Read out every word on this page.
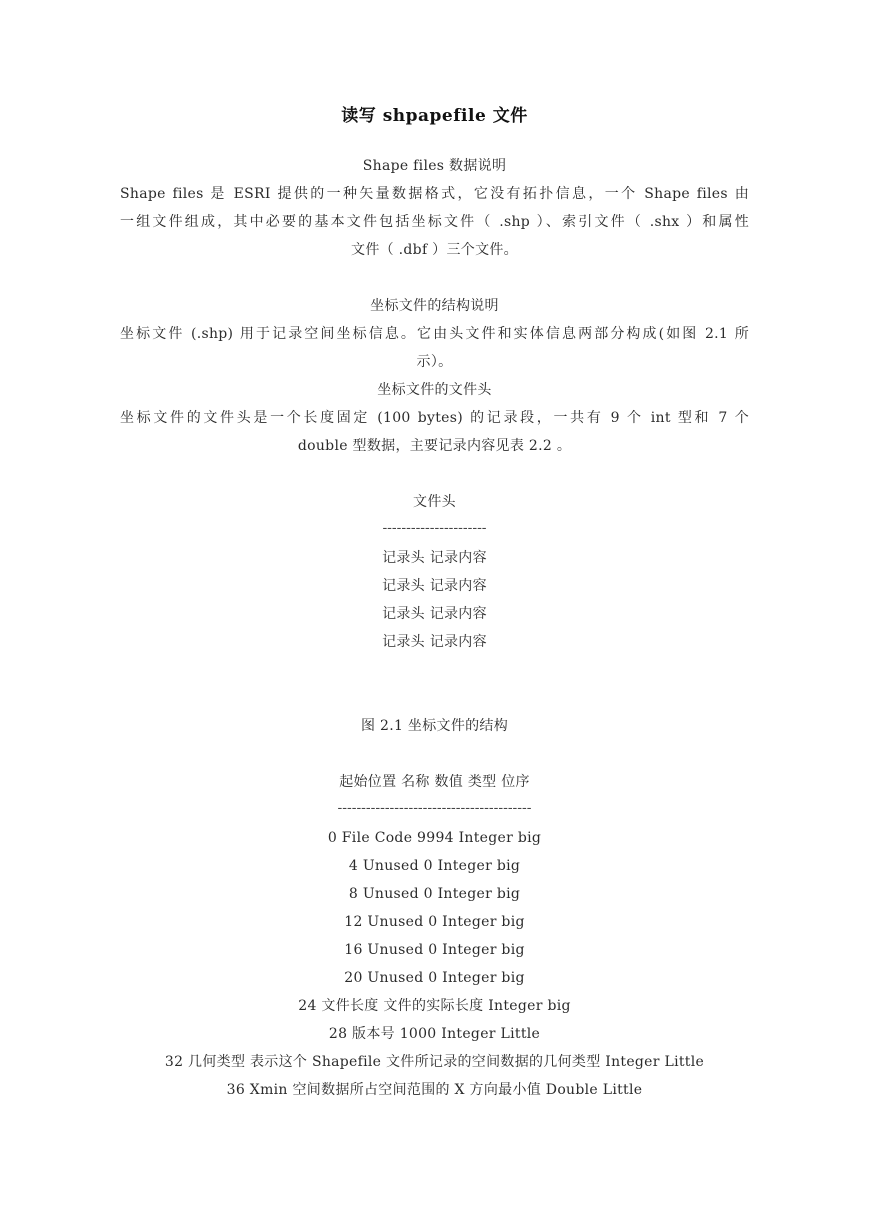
读写 shpapefile 文件
Shape files 数据说明
Shape files 是 ESRI 提供的一种矢量数据格式，它没有拓扑信息，一个 Shape files 由
一组文件组成，其中必要的基本文件包括坐标文件（ .shp ）、索引文件（ .shx ）和属性
文件（ .dbf ）三个文件。
坐标文件的结构说明
坐标文件 (.shp) 用于记录空间坐标信息。它由头文件和实体信息两部分构成(如图 2.1 所
示）。
坐标文件的文件头
坐标文件的文件头是一个长度固定 (100 bytes) 的记录段，一共有 9 个 int 型和 7 个
double 型数据，主要记录内容见表 2.2 。
文件头
----------------------
记录头 记录内容
记录头 记录内容
记录头 记录内容
记录头 记录内容
图 2.1 坐标文件的结构
起始位置 名称 数值 类型 位序
-----------------------------------------
0 File Code 9994 Integer big
4 Unused 0 Integer big
8 Unused 0 Integer big
12 Unused 0 Integer big
16 Unused 0 Integer big
20 Unused 0 Integer big
24 文件长度 文件的实际长度 Integer big
28 版本号 1000 Integer Little
32 几何类型 表示这个 Shapefile 文件所记录的空间数据的几何类型 Integer Little
36 Xmin 空间数据所占空间范围的 X 方向最小值 Double Little
